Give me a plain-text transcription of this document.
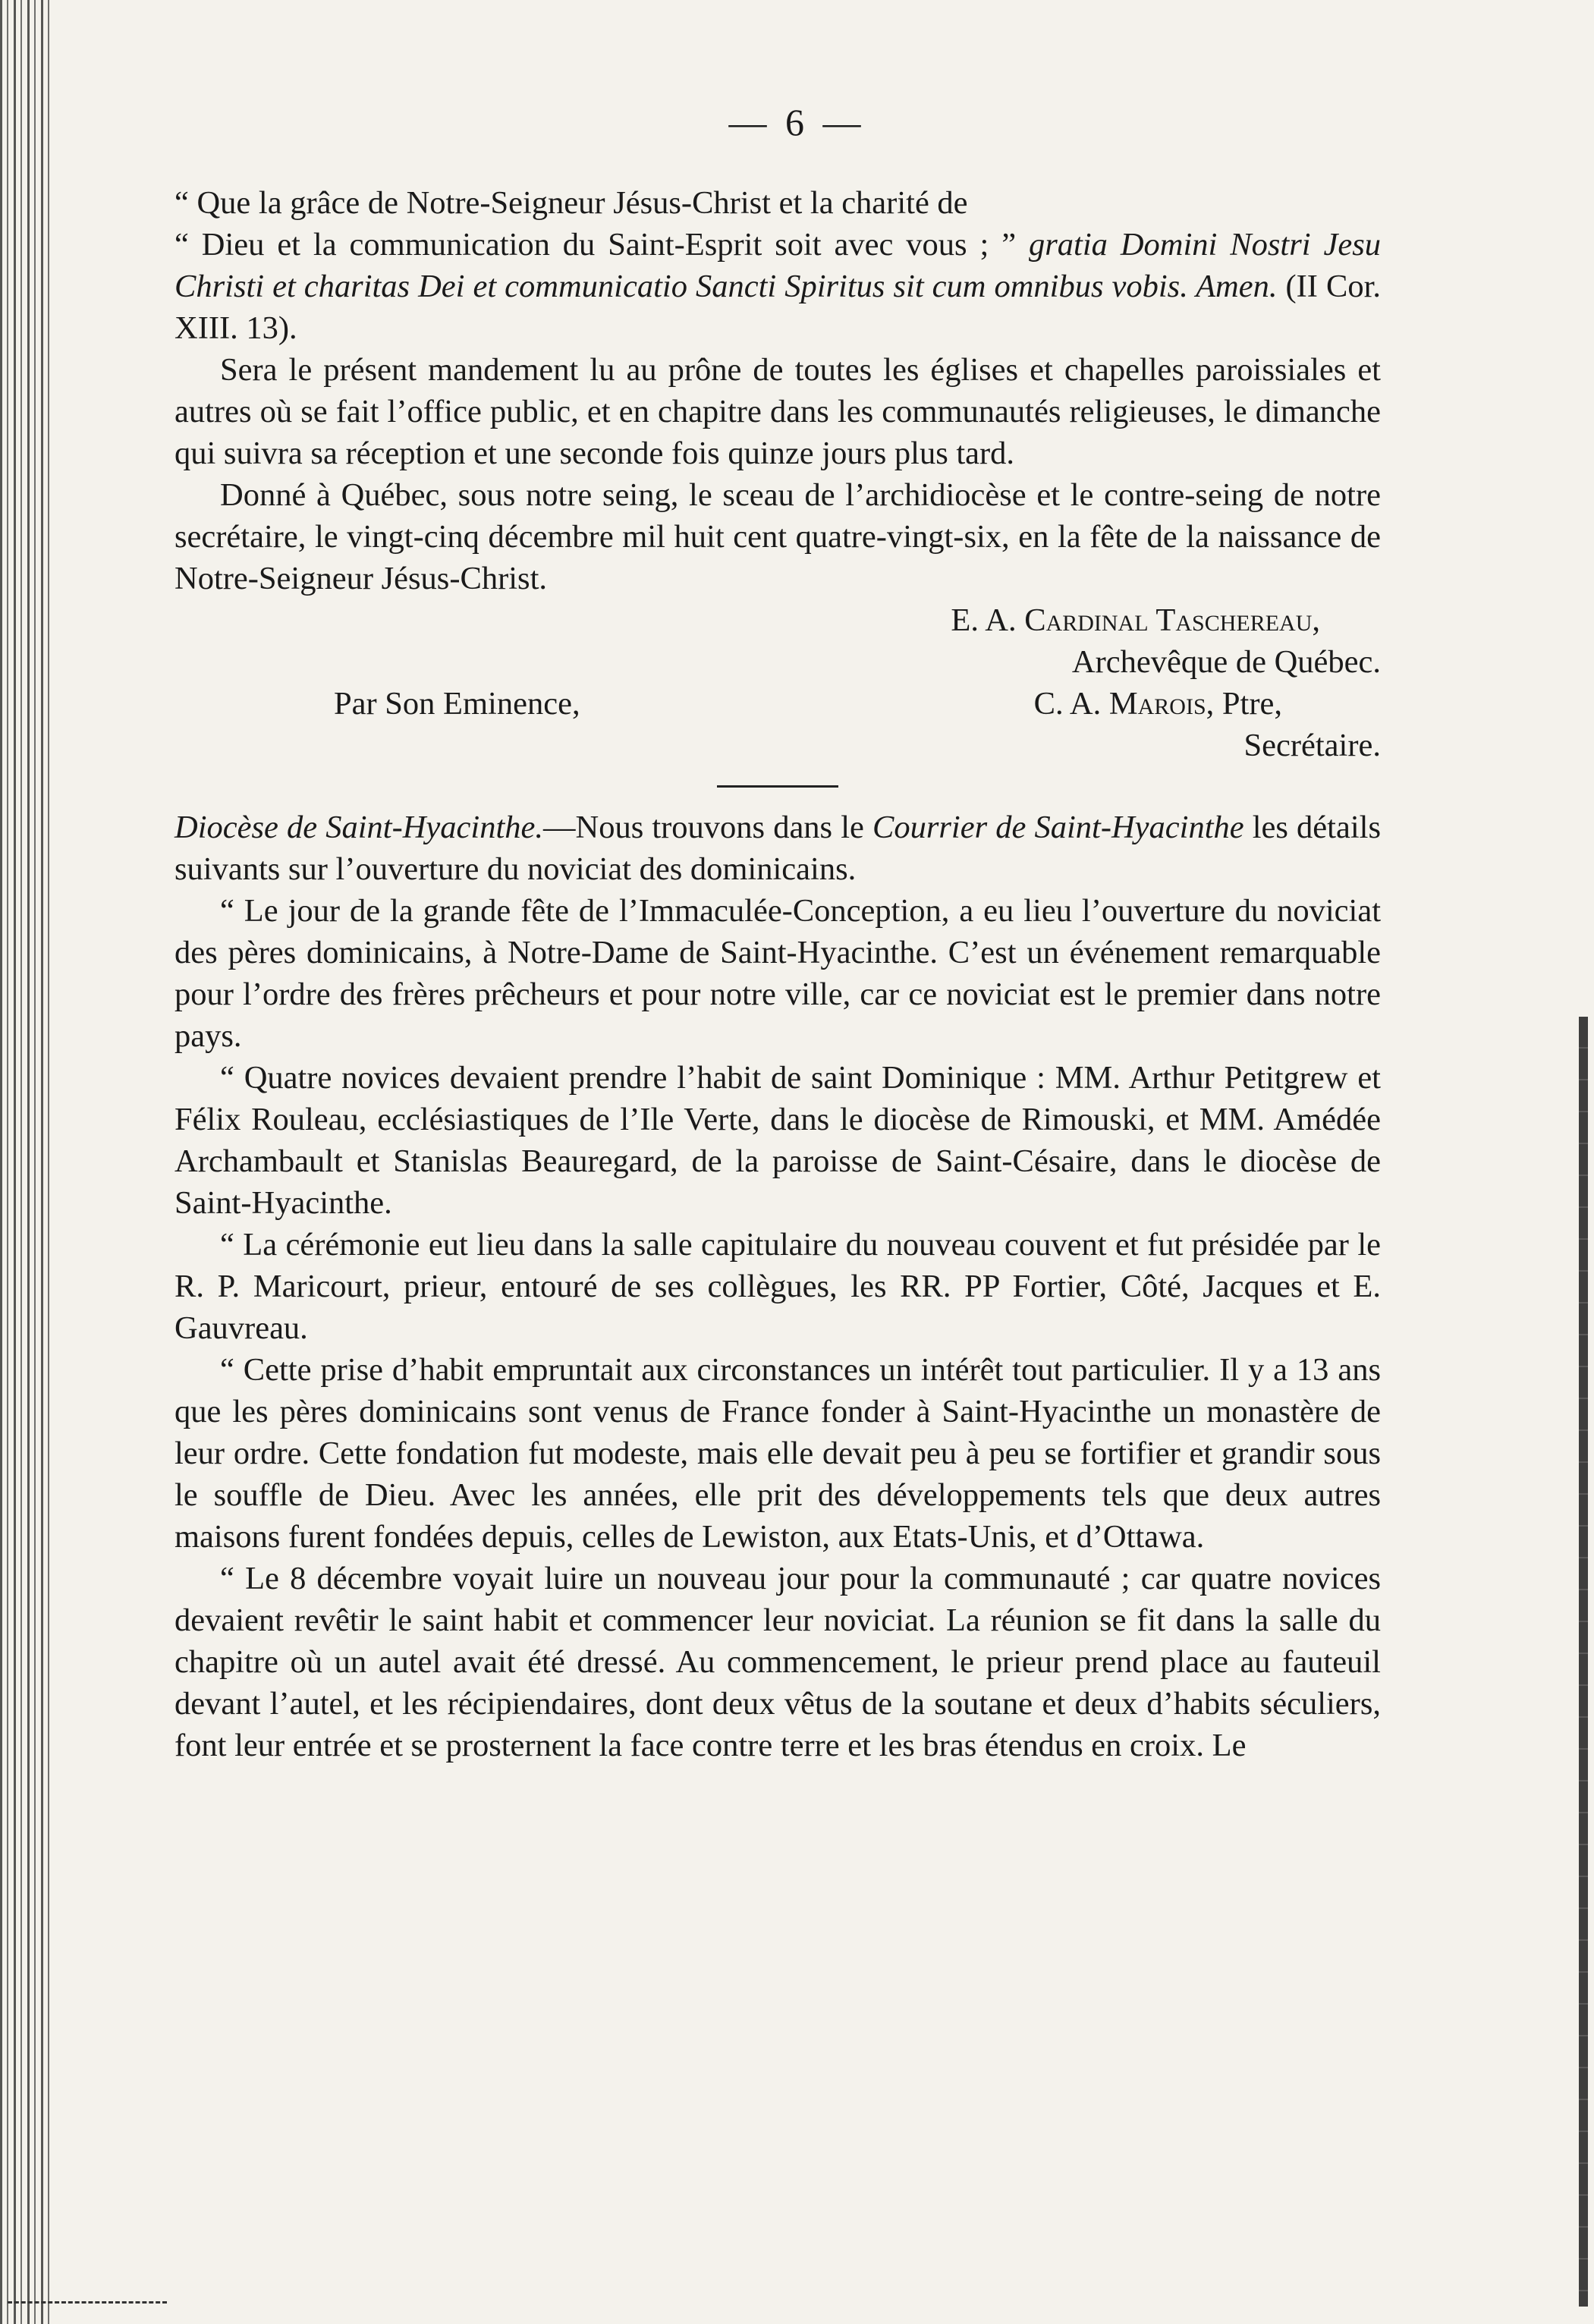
— 6 —

“ Que la grâce de Notre-Seigneur Jésus-Christ et la charité de
“ Dieu et la communication du Saint-Esprit soit avec vous ; ” gratia Domini Nostri Jesu Christi et charitas Dei et communicatio Sancti Spiritus sit cum omnibus vobis. Amen. (II Cor. XIII. 13).

Sera le présent mandement lu au prône de toutes les églises et chapelles paroissiales et autres où se fait l’office public, et en chapitre dans les communautés religieuses, le dimanche qui suivra sa réception et une seconde fois quinze jours plus tard.

Donné à Québec, sous notre seing, le sceau de l’archidiocèse et le contre-seing de notre secrétaire, le vingt-cinq décembre mil huit cent quatre-vingt-six, en la fête de la naissance de Notre-Seigneur Jésus-Christ.

E. A. Cardinal Taschereau,

Archevêque de Québec.

Par Son Eminence,	C. A. Marois, Ptre,

Secrétaire.

Diocèse de Saint-Hyacinthe.—Nous trouvons dans le Courrier de Saint-Hyacinthe les détails suivants sur l’ouverture du noviciat des dominicains.

“ Le jour de la grande fête de l’Immaculée-Conception, a eu lieu l’ouverture du noviciat des pères dominicains, à Notre-Dame de Saint-Hyacinthe. C’est un événement remarquable pour l’ordre des frères prêcheurs et pour notre ville, car ce noviciat est le premier dans notre pays.

“ Quatre novices devaient prendre l’habit de saint Dominique : MM. Arthur Petitgrew et Félix Rouleau, ecclésiastiques de l’Ile Verte, dans le diocèse de Rimouski, et MM. Amédée Archambault et Stanislas Beauregard, de la paroisse de Saint-Césaire, dans le diocèse de Saint-Hyacinthe.

“ La cérémonie eut lieu dans la salle capitulaire du nouveau couvent et fut présidée par le R. P. Maricourt, prieur, entouré de ses collègues, les RR. PP Fortier, Côté, Jacques et E. Gauvreau.

“ Cette prise d’habit empruntait aux circonstances un intérêt tout particulier. Il y a 13 ans que les pères dominicains sont venus de France fonder à Saint-Hyacinthe un monastère de leur ordre. Cette fondation fut modeste, mais elle devait peu à peu se fortifier et grandir sous le souffle de Dieu. Avec les années, elle prit des développements tels que deux autres maisons furent fondées depuis, celles de Lewiston, aux Etats-Unis, et d’Ottawa.

“ Le 8 décembre voyait luire un nouveau jour pour la communauté ; car quatre novices devaient revêtir le saint habit et commencer leur noviciat. La réunion se fit dans la salle du chapitre où un autel avait été dressé. Au commencement, le prieur prend place au fauteuil devant l’autel, et les récipiendaires, dont deux vêtus de la soutane et deux d’habits séculiers, font leur entrée et se prosternent la face contre terre et les bras étendus en croix. Le
